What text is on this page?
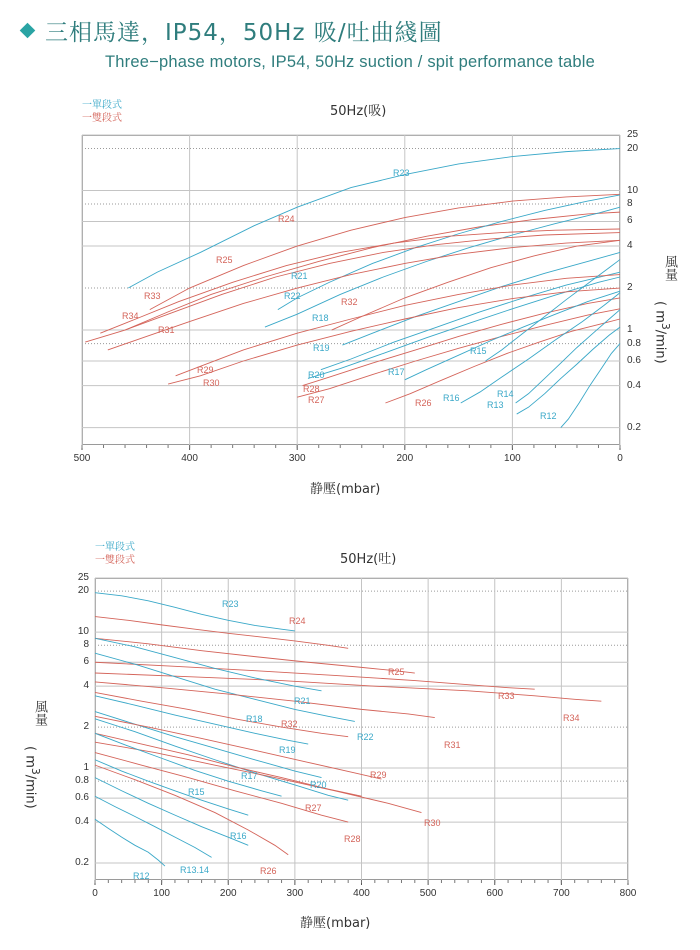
三相馬達，IP54，50Hz 吸/吐曲綫圖
Three−phase motors, IP54, 50Hz suction / spit performance table
50Hz(吸)
一單段式
一雙段式
静壓(mbar)
風量
( $m^3/\min$)
25
20
10
8
6
4
2
1
0.8
0.6
0.4
0.2
500	400	300	200	100	0
R23
R24
R25
R21
R22
R32
R33
R34
R31
R18
R19
R20
R29
R30
R28
R27	R26
R17
R15
R16	R14
R13
R12
50Hz(吐)
一單段式
一雙段式
静壓(mbar)
風量
( $m^3/\min$)
25
20
10
8
6
4
2
1
0.8
0.6
0.4
0.2
0	100	200	300	400	500	600	700	800
R23
R24
R25
R33
R34
R21
R18 R32
R22
R31
R19
R17
R20
R29
R15
R27
R30
R16	R28
R12
R13.14	R26
